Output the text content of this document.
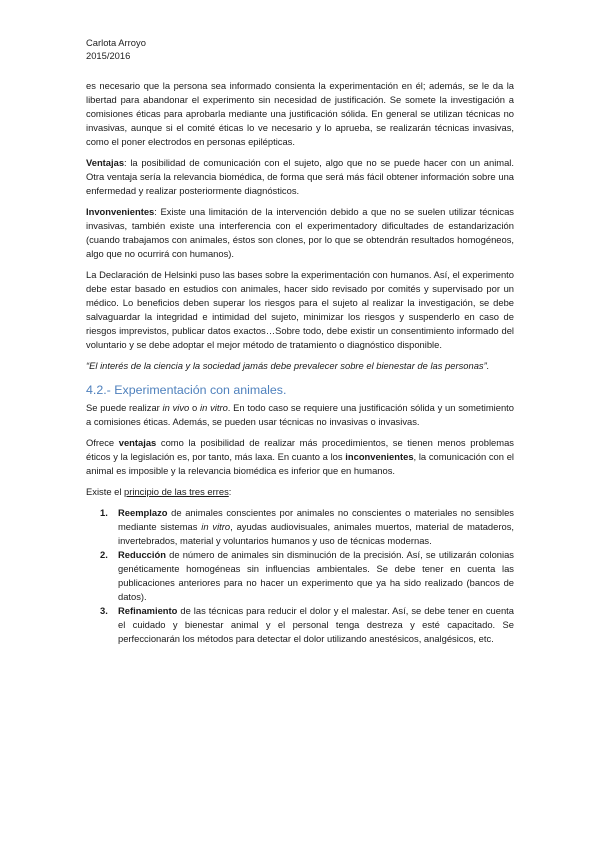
Carlota Arroyo
2015/2016

es necesario que la persona sea informado consienta la experimentación en él; además, se le da la libertad para abandonar el experimento sin necesidad de justificación. Se somete la investigación a comisiones éticas para aprobarla mediante una justificación sólida. En general se utilizan técnicas no invasivas, aunque si el comité éticas lo ve necesario y lo aprueba, se realizarán técnicas invasivas, como el poner electrodos en personas epilépticas.

Ventajas: la posibilidad de comunicación con el sujeto, algo que no se puede hacer con un animal. Otra ventaja sería la relevancia biomédica, de forma que será más fácil obtener información sobre una enfermedad y realizar posteriormente diagnósticos.

Invonvenientes: Existe una limitación de la intervención debido a que no se suelen utilizar técnicas invasivas, también existe una interferencia con el experimentadory dificultades de estandarización (cuando trabajamos con animales, éstos son clones, por lo que se obtendrán resultados homogéneos, algo que no ocurrirá con humanos).

La Declaración de Helsinki puso las bases sobre la experimentación con humanos. Así, el experimento debe estar basado en estudios con animales, hacer sido revisado por comités y supervisado por un médico. Lo beneficios deben superar los riesgos para el sujeto al realizar la investigación, se debe salvaguardar la integridad e intimidad del sujeto, minimizar los riesgos y suspenderlo en caso de riesgos imprevistos, publicar datos exactos…Sobre todo, debe existir un consentimiento informado del voluntario y se debe adoptar el mejor método de tratamiento o diagnóstico disponible.

“El interés de la ciencia y la sociedad jamás debe prevalecer sobre el bienestar de las personas”.

4.2.- Experimentación con animales.

Se puede realizar in vivo o in vitro. En todo caso se requiere una justificación sólida y un sometimiento a comisiones éticas. Además, se pueden usar técnicas no invasivas o invasivas.

Ofrece ventajas como la posibilidad de realizar más procedimientos, se tienen menos problemas éticos y la legislación es, por tanto, más laxa. En cuanto a los inconvenientes, la comunicación con el animal es imposible y la relevancia biomédica es inferior que en humanos.

Existe el principio de las tres erres:

1. Reemplazo de animales conscientes por animales no conscientes o materiales no sensibles mediante sistemas in vitro, ayudas audiovisuales, animales muertos, material de mataderos, invertebrados, material y voluntarios humanos y uso de técnicas modernas.
2. Reducción de número de animales sin disminución de la precisión. Así, se utilizarán colonias genéticamente homogéneas sin influencias ambientales. Se debe tener en cuenta las publicaciones anteriores para no hacer un experimento que ya ha sido realizado (bancos de datos).
3. Refinamiento de las técnicas para reducir el dolor y el malestar. Así, se debe tener en cuenta el cuidado y bienestar animal y el personal tenga destreza y esté capacitado. Se perfeccionarán los métodos para detectar el dolor utilizando anestésicos, analgésicos, etc.
